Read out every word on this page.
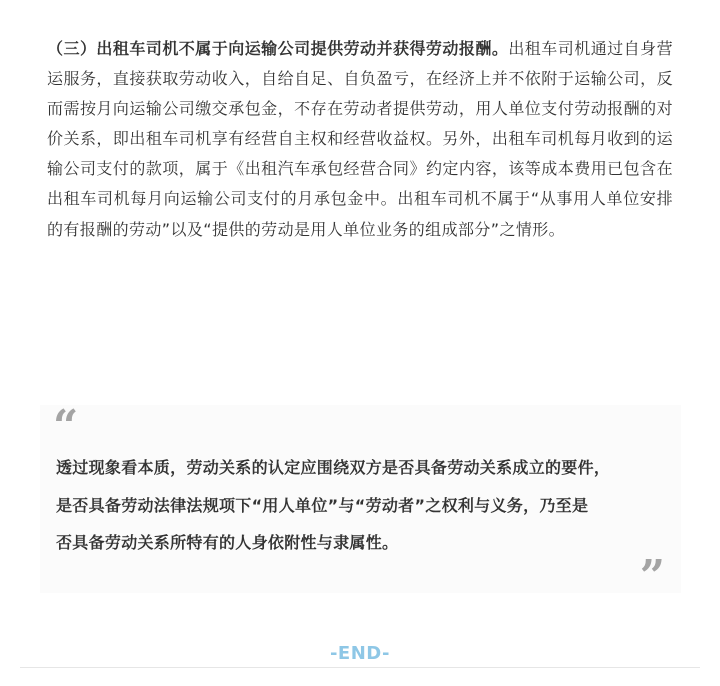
（三）出租车司机不属于向运输公司提供劳动并获得劳动报酬。出租车司机通过自身营运服务，直接获取劳动收入，自给自足、自负盈亏，在经济上并不依附于运输公司，反而需按月向运输公司缴交承包金，不存在劳动者提供劳动，用人单位支付劳动报酬的对价关系，即出租车司机享有经营自主权和经营收益权。另外，出租车司机每月收到的运输公司支付的款项，属于《出租汽车承包经营合同》约定内容，该等成本费用已包含在出租车司机每月向运输公司支付的月承包金中。出租车司机不属于“从事用人单位安排的有报酬的劳动”以及“提供的劳动是用人单位业务的组成部分”之情形。
“
透过现象看本质，劳动关系的认定应围绕双方是否具备劳动关系成立的要件，
是否具备劳动法律法规项下“用人单位”与“劳动者”之权利与义务，乃至是
否具备劳动关系所特有的人身依附性与隶属性。
”
-END-
